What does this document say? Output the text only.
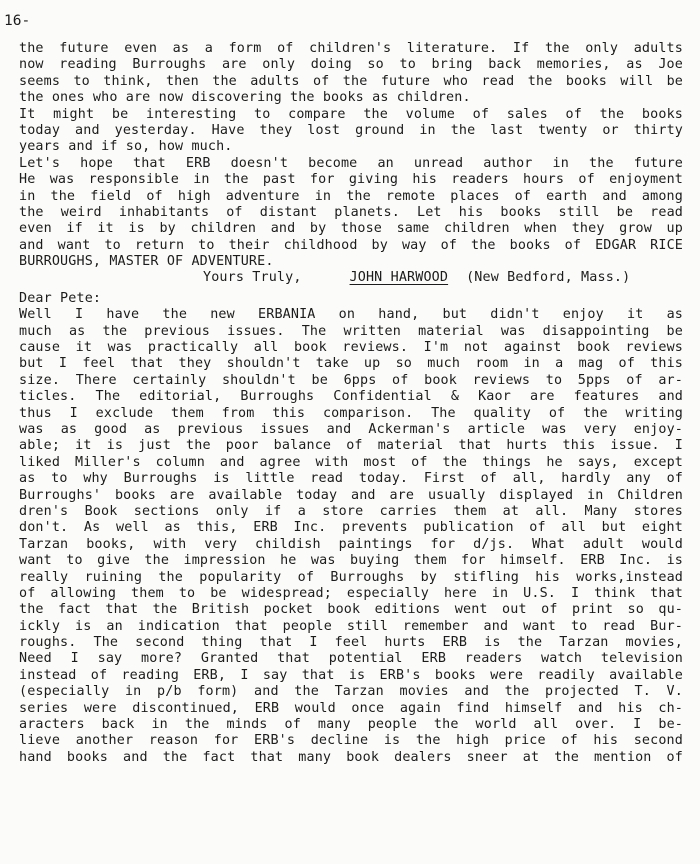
16-
the future even as a form of children's literature. If the only adults
now reading Burroughs are only doing so to bring back memories, as Joe
seems to think, then the adults of the future who read the books will be
the ones who are now discovering the books as children.
It might be interesting to compare the volume of sales of the books
today and yesterday. Have they lost ground in the last twenty or thirty
years and if so, how much.
Let's hope that ERB doesn't become an unread author in the future
He was responsible in the past for giving his readers hours of enjoyment
in the field of high adventure in the remote places of earth and among
the weird inhabitants of distant planets. Let his books still be read
even if it is by children and by those same children when they grow up
and want to return to their childhood by way of the books of EDGAR RICE
BURROUGHS, MASTER OF ADVENTURE.
Yours Truly,	JOHN HARWOOD (New Bedford, Mass.)
Dear Pete:
Well I have the new ERBANIA on hand, but didn't enjoy it as
much as the previous issues. The written material was disappointing be
cause it was practically all book reviews. I'm not against book reviews
but I feel that they shouldn't take up so much room in a mag of this
size. There certainly shouldn't be 6pps of book reviews to 5pps of ar-
ticles. The editorial, Burroughs Confidential & Kaor are features and
thus I exclude them from this comparison. The quality of the writing
was as good as previous issues and Ackerman's article was very enjoy-
able; it is just the poor balance of material that hurts this issue. I
liked Miller's column and agree with most of the things he says, except
as to why Burroughs is little read today. First of all, hardly any of
Burroughs' books are available today and are usually displayed in Children
dren's Book sections only if a store carries them at all. Many stores
don't. As well as this, ERB Inc. prevents publication of all but eight
Tarzan books, with very childish paintings for d/js. What adult would
want to give the impression he was buying them for himself. ERB Inc. is
really ruining the popularity of Burroughs by stifling his works,instead
of allowing them to be widespread; especially here in U.S. I think that
the fact that the British pocket book editions went out of print so qu-
ickly is an indication that people still remember and want to read Bur-
roughs. The second thing that I feel hurts ERB is the Tarzan movies,
Need I say more? Granted that potential ERB readers watch television
instead of reading ERB, I say that is ERB's books were readily available
(especially in p/b form) and the Tarzan movies and the projected T. V.
series were discontinued, ERB would once again find himself and his ch-
aracters back in the minds of many people the world all over. I be-
lieve another reason for ERB's decline is the high price of his second
hand books and the fact that many book dealers sneer at the mention of
